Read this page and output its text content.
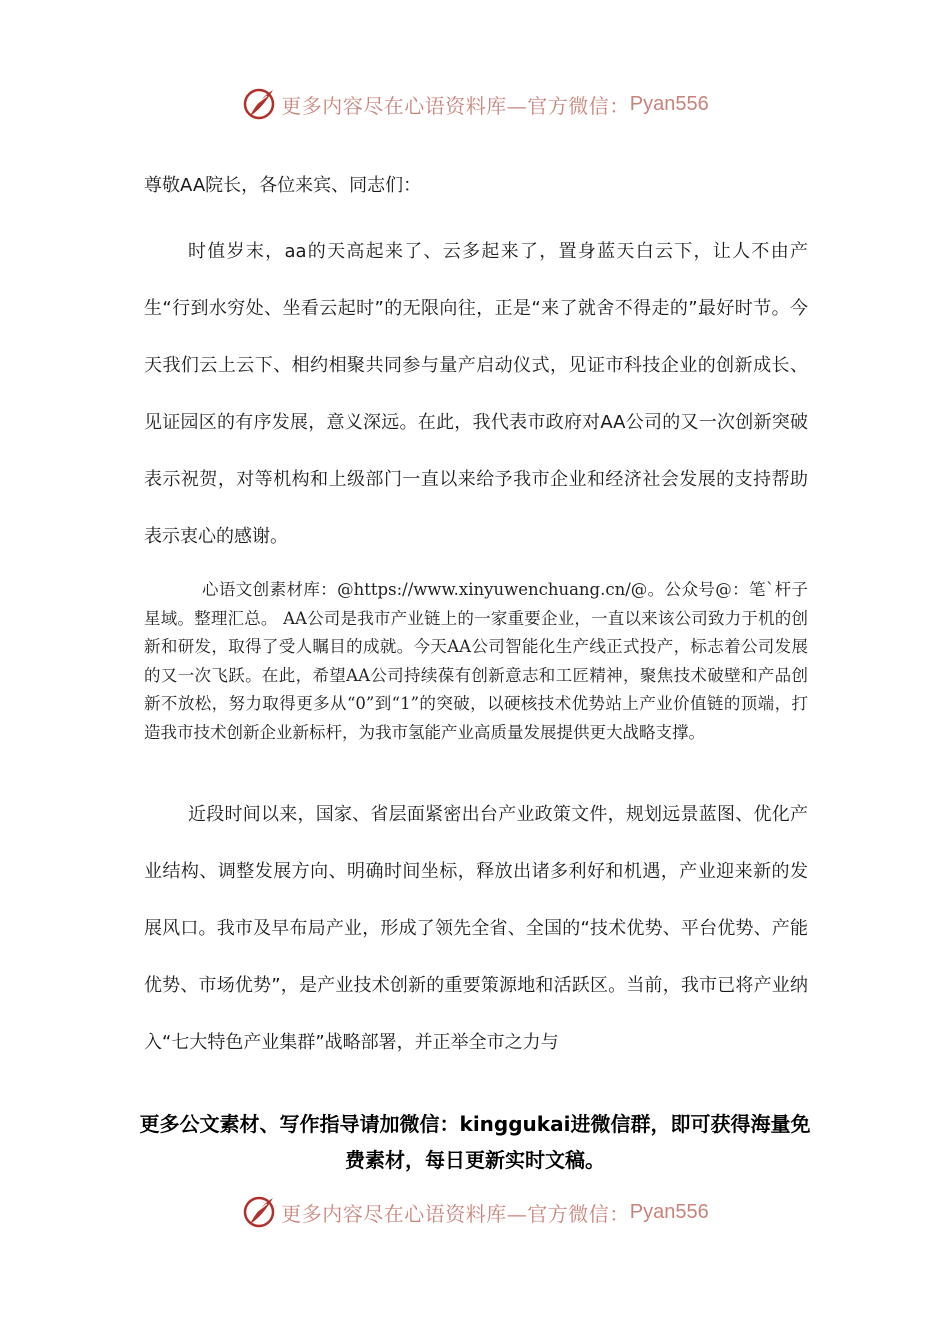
更多内容尽在心语资料库—官方微信： Pyan556
尊敬AA院长，各位来宾、同志们：

时值岁末，aa的天高起来了、云多起来了，置身蓝天白云下，让人不由产生“行到水穷处、坐看云起时”的无限向往，正是“来了就舍不得走的”最好时节。今天我们云上云下、相约相聚共同参与量产启动仪式，见证市科技企业的创新成长、见证园区的有序发展，意义深远。在此，我代表市政府对AA公司的又一次创新突破表示祝贺，对等机构和上级部门一直以来给予我市企业和经济社会发展的支持帮助表示衷心的感谢。

心语文创素材库：@https://www.xinyuwenchuang.cn/@。公众号@：笔`杆子星域。整理汇总。 AA公司是我市产业链上的一家重要企业，一直以来该公司致力于机的创新和研发，取得了受人瞩目的成就。今天AA公司智能化生产线正式投产，标志着公司发展的又一次飞跃。在此，希望AA公司持续葆有创新意志和工匠精神，聚焦技术破壁和产品创新不放松，努力取得更多从“0”到“1”的突破，以硬核技术优势站上产业价值链的顶端，打造我市技术创新企业新标杆，为我市氢能产业高质量发展提供更大战略支撑。

近段时间以来，国家、省层面紧密出台产业政策文件，规划远景蓝图、优化产业结构、调整发展方向、明确时间坐标，释放出诸多利好和机遇，产业迎来新的发展风口。我市及早布局产业，形成了领先全省、全国的“技术优势、平台优势、产能优势、市场优势”，是产业技术创新的重要策源地和活跃区。当前，我市已将产业纳入“七大特色产业集群”战略部署，并正举全市之力与

更多公文素材、写作指导请加微信：kinggukai进微信群，即可获得海量免费素材，每日更新实时文稿。
更多内容尽在心语资料库—官方微信： Pyan556
